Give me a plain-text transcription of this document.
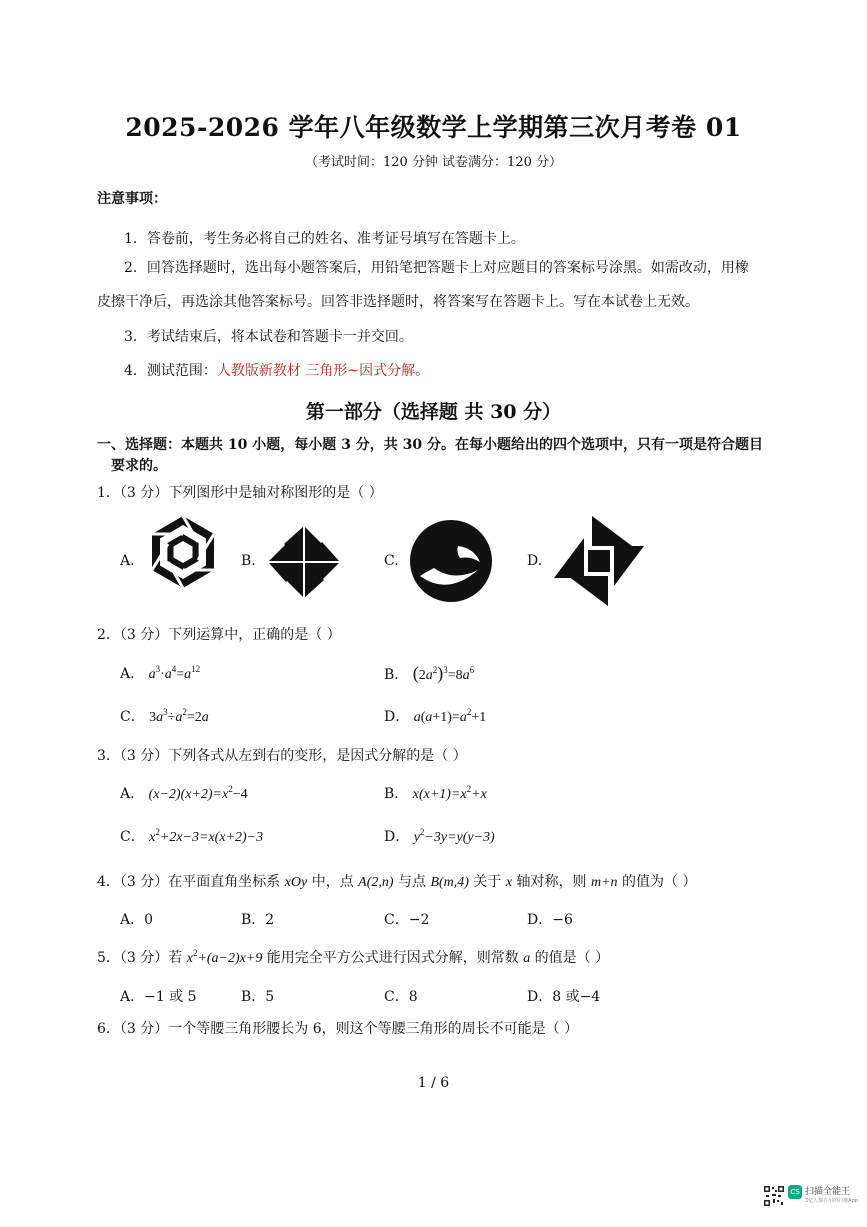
2025-2026 学年八年级数学上学期第三次月考卷 01
（考试时间：120 分钟 试卷满分：120 分）
注意事项：
1．答卷前，考生务必将自己的姓名、准考证号填写在答题卡上。
2．回答选择题时，选出每小题答案后，用铅笔把答题卡上对应题目的答案标号涂黑。如需改动，用橡
皮擦干净后，再选涂其他答案标号。回答非选择题时，将答案写在答题卡上。写在本试卷上无效。
3．考试结束后，将本试卷和答题卡一并交回。
4．测试范围：人教版新教材 三角形~因式分解。
第一部分（选择题 共 30 分）
一、选择题：本题共 10 小题，每小题 3 分，共 30 分。在每小题给出的四个选项中，只有一项是符合题目
要求的。
1．（3 分）下列图形中是轴对称图形的是（ ）
A.	B.	C.	D.
2．（3 分）下列运算中，正确的是（ ）
A． $a^3\cdot a^4=a^{12}$	B． $(2a^2)^3=8a^6$
C． $3a^3\div a^2=2a$	D． $a(a+1)=a^2+1$
3．（3 分）下列各式从左到右的变形，是因式分解的是（ ）
A． $(x-2)(x+2)=x^2-4$	B． $x(x+1)=x^2+x$
C． $x^2+2x-3=x(x+2)-3$	D． $y^2-3y=y(y-3)$
4．（3 分）在平面直角坐标系 xOy 中，点 A(2,n) 与点 B(m,4) 关于 x 轴对称，则 m+n 的值为（ ）
A．0	B．2	C．−2	D．−6
5．（3 分）若 $x^2+(a-2)x+9$ 能用完全平方公式进行因式分解，则常数 a 的值是（ ）
A．−1 或 5	B．5	C．8	D．8 或−4
6．（3 分）一个等腰三角形腰长为 6，则这个等腰三角形的周长不可能是（ ）
1 / 6
CS 扫描全能王
3亿人都在用的扫描App
